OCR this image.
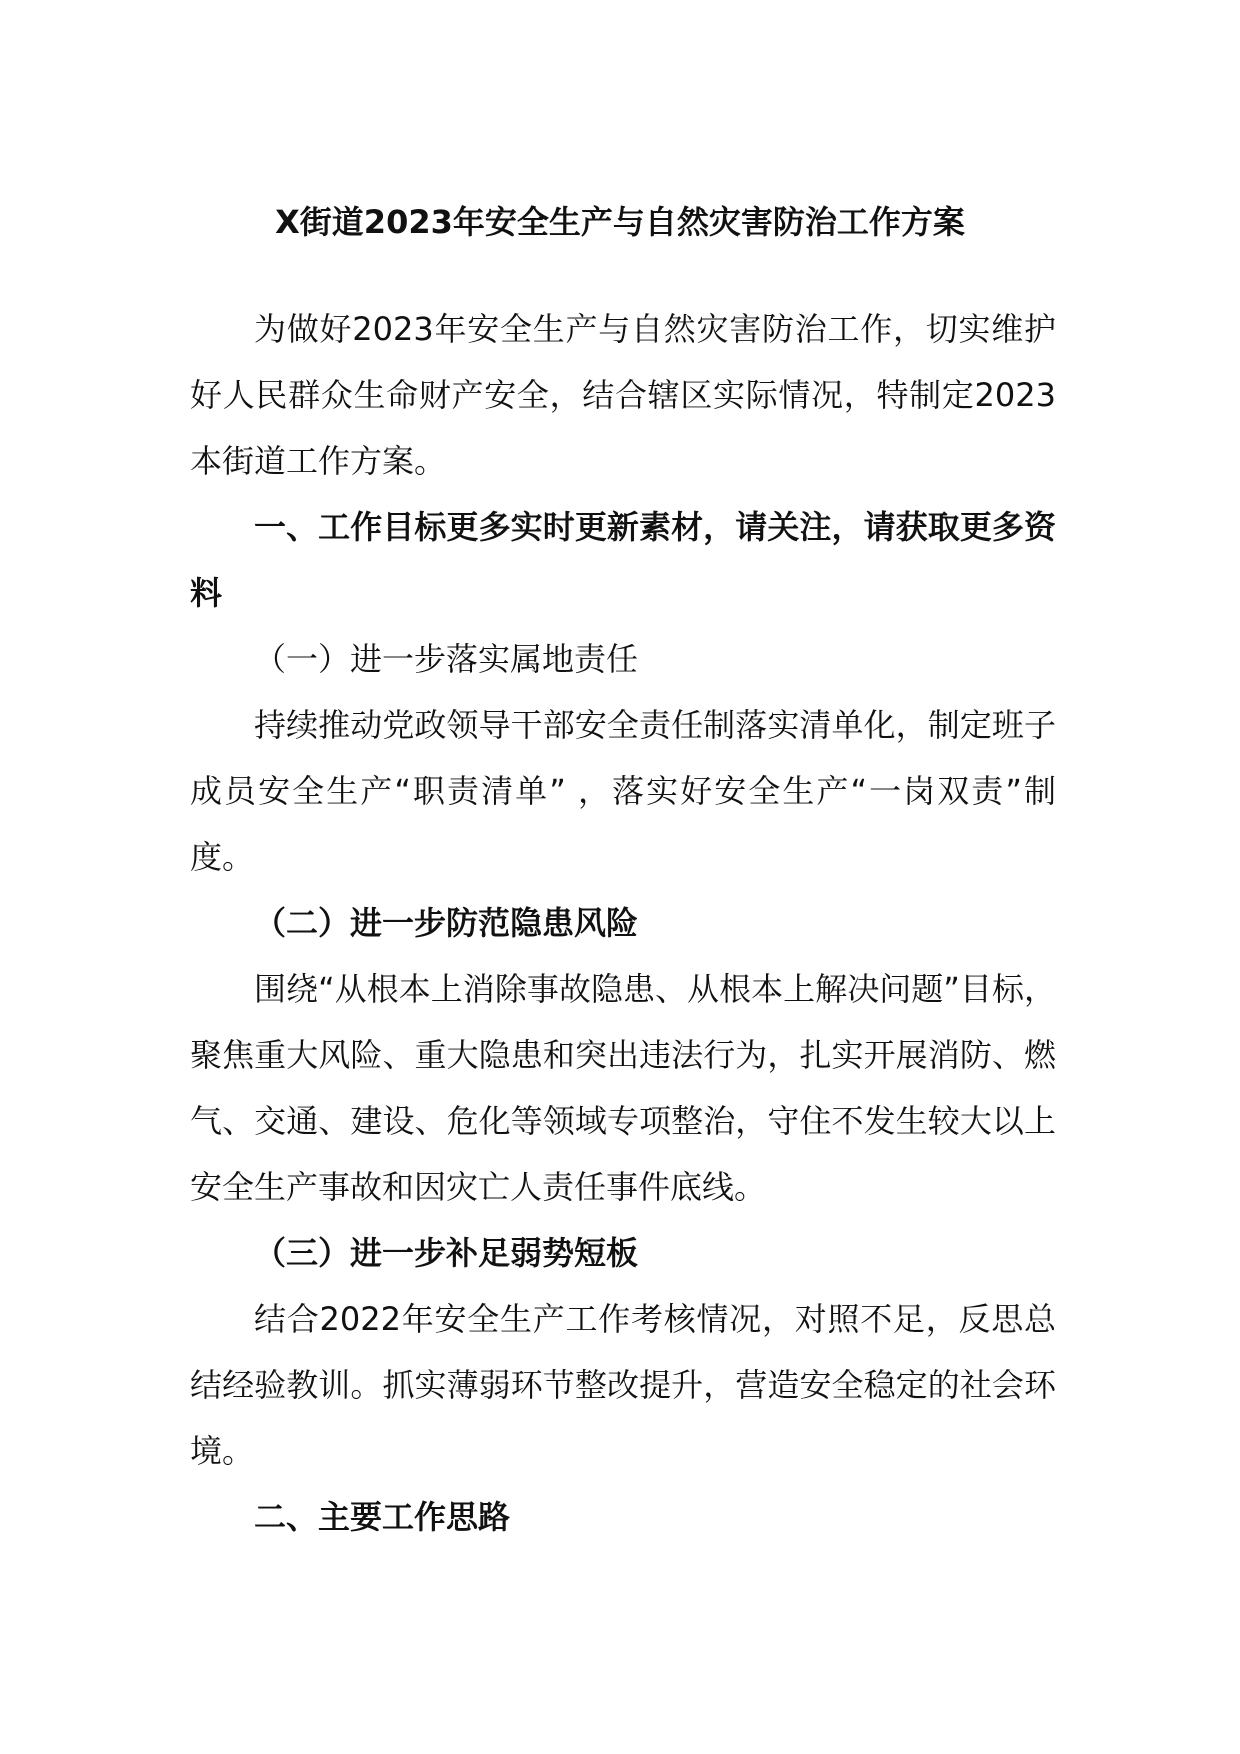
X街道2023年安全生产与自然灾害防治工作方案

为做好2023年安全生产与自然灾害防治工作，切实维护好人民群众生命财产安全，结合辖区实际情况，特制定2023本街道工作方案。

一、工作目标更多实时更新素材，请关注，请获取更多资料

（一）进一步落实属地责任

持续推动党政领导干部安全责任制落实清单化，制定班子成员安全生产“职责清单” ，落实好安全生产“一岗双责”制度。

（二）进一步防范隐患风险

围绕“从根本上消除事故隐患、从根本上解决问题”目标，聚焦重大风险、重大隐患和突出违法行为，扎实开展消防、燃气、交通、建设、危化等领域专项整治，守住不发生较大以上安全生产事故和因灾亡人责任事件底线。

（三）进一步补足弱势短板

结合2022年安全生产工作考核情况，对照不足，反思总结经验教训。抓实薄弱环节整改提升，营造安全稳定的社会环境。

二、主要工作思路
